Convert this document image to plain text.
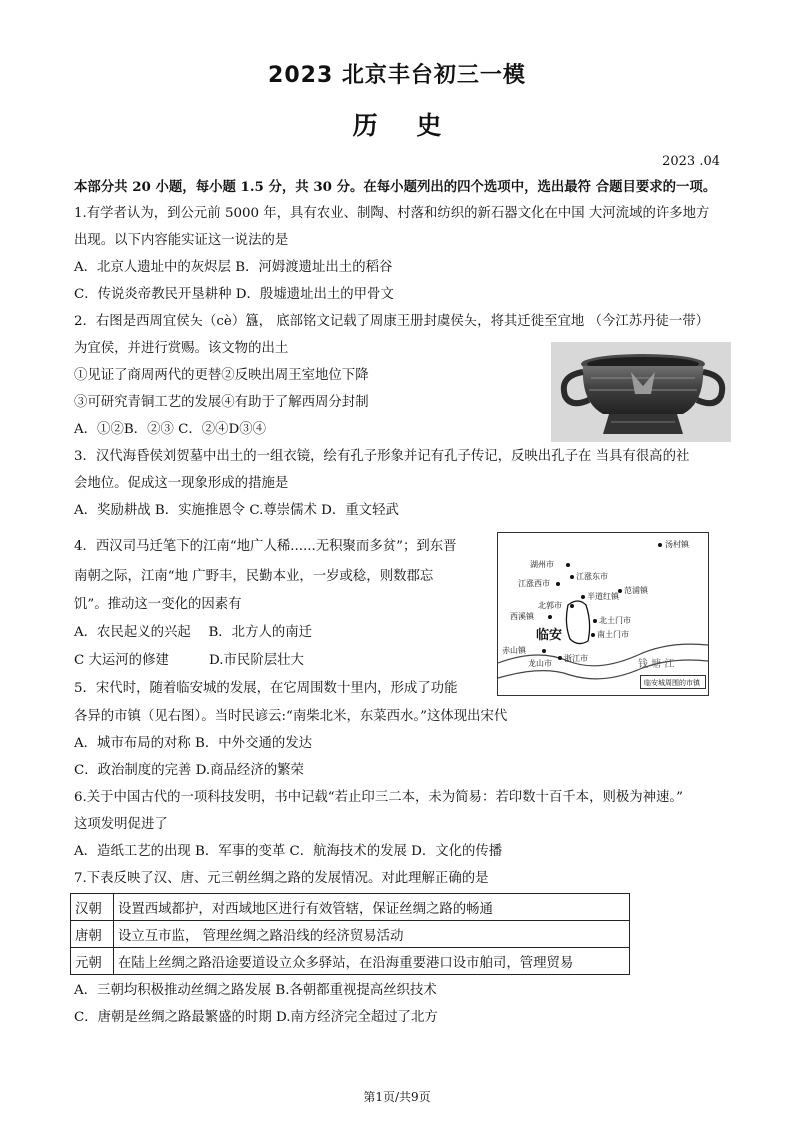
2023 北京丰台初三一模
历 史
2023 .04
本部分共 20 小题，每小题 1.5 分，共 30 分。在每小题列出的四个选项中，选出最符 合题目要求的一项。
1.有学者认为，到公元前 5000 年，具有农业、制陶、村落和纺织的新石器文化在中国 大河流域的许多地方
出现。以下内容能实证这一说法的是
A．北京人遗址中的灰烬层 B．河姆渡遗址出土的稻谷
C．传说炎帝教民开垦耕种 D．殷墟遗址出土的甲骨文
2．右图是西周宜侯夨（cè）簋， 底部铭文记载了周康王册封虞侯夨，将其迁徙至宜地 （今江苏丹徒一带）
为宜侯，并进行赏赐。该文物的出土
①见证了商周两代的更替②反映出周王室地位下降
③可研究青铜工艺的发展④有助于了解西周分封制
A．①②B．②③ C．②④D③④
3．汉代海昏侯刘贺墓中出土的一组衣镜，绘有孔子形象并记有孔子传记，反映出孔子在 当具有很高的社
会地位。促成这一现象形成的措施是
A．奖励耕战 B．实施推恩令 C.尊崇儒术 D．重文轻武
4．西汉司马迁笔下的江南“地广人稀......无积聚而多贫”；到东晋
南朝之际，江南“地 广野丰，民勤本业，一岁或稔，则数郡忘
饥”。推动这一变化的因素有
A．农民起义的兴起　 B．北方人的南迁
C 大运河的修建　　　D.市民阶层壮大
汤村镇
湖州市
江涨东市
江涨西市
范浦镇
半道红镇
北郭市
西溪镇	北土门市
南土门市
临安
赤山镇
龙山市
浙江市
钱 塘 江
临安城周围的市镇
5．宋代时，随着临安城的发展，在它周围数十里内，形成了功能
各异的市镇（见右图）。当时民谚云:“南柴北米，东菜西水。”这体现出宋代
A．城市布局的对称 B．中外交通的发达
C．政治制度的完善 D.商品经济的繁荣
6.关于中国古代的一项科技发明，书中记载“若止印三二本，未为简易：若印数十百千本，则极为神速。”
这项发明促进了
A．造纸工艺的出现 B．军事的变革 C．航海技术的发展 D．文化的传播
7.下表反映了汉、唐、元三朝丝绸之路的发展情况。对此理解正确的是
汉朝	设置西域都护，对西域地区进行有效管辖，保证丝绸之路的畅通
唐朝	设立互市监， 管理丝绸之路沿线的经济贸易活动
元朝	在陆上丝绸之路沿途要道设立众多驿站，在沿海重要港口设市舶司，管理贸易
A．三朝均积极推动丝绸之路发展 B.各朝都重视提高丝织技术
C．唐朝是丝绸之路最繁盛的时期 D.南方经济完全超过了北方
第1页/共9页
